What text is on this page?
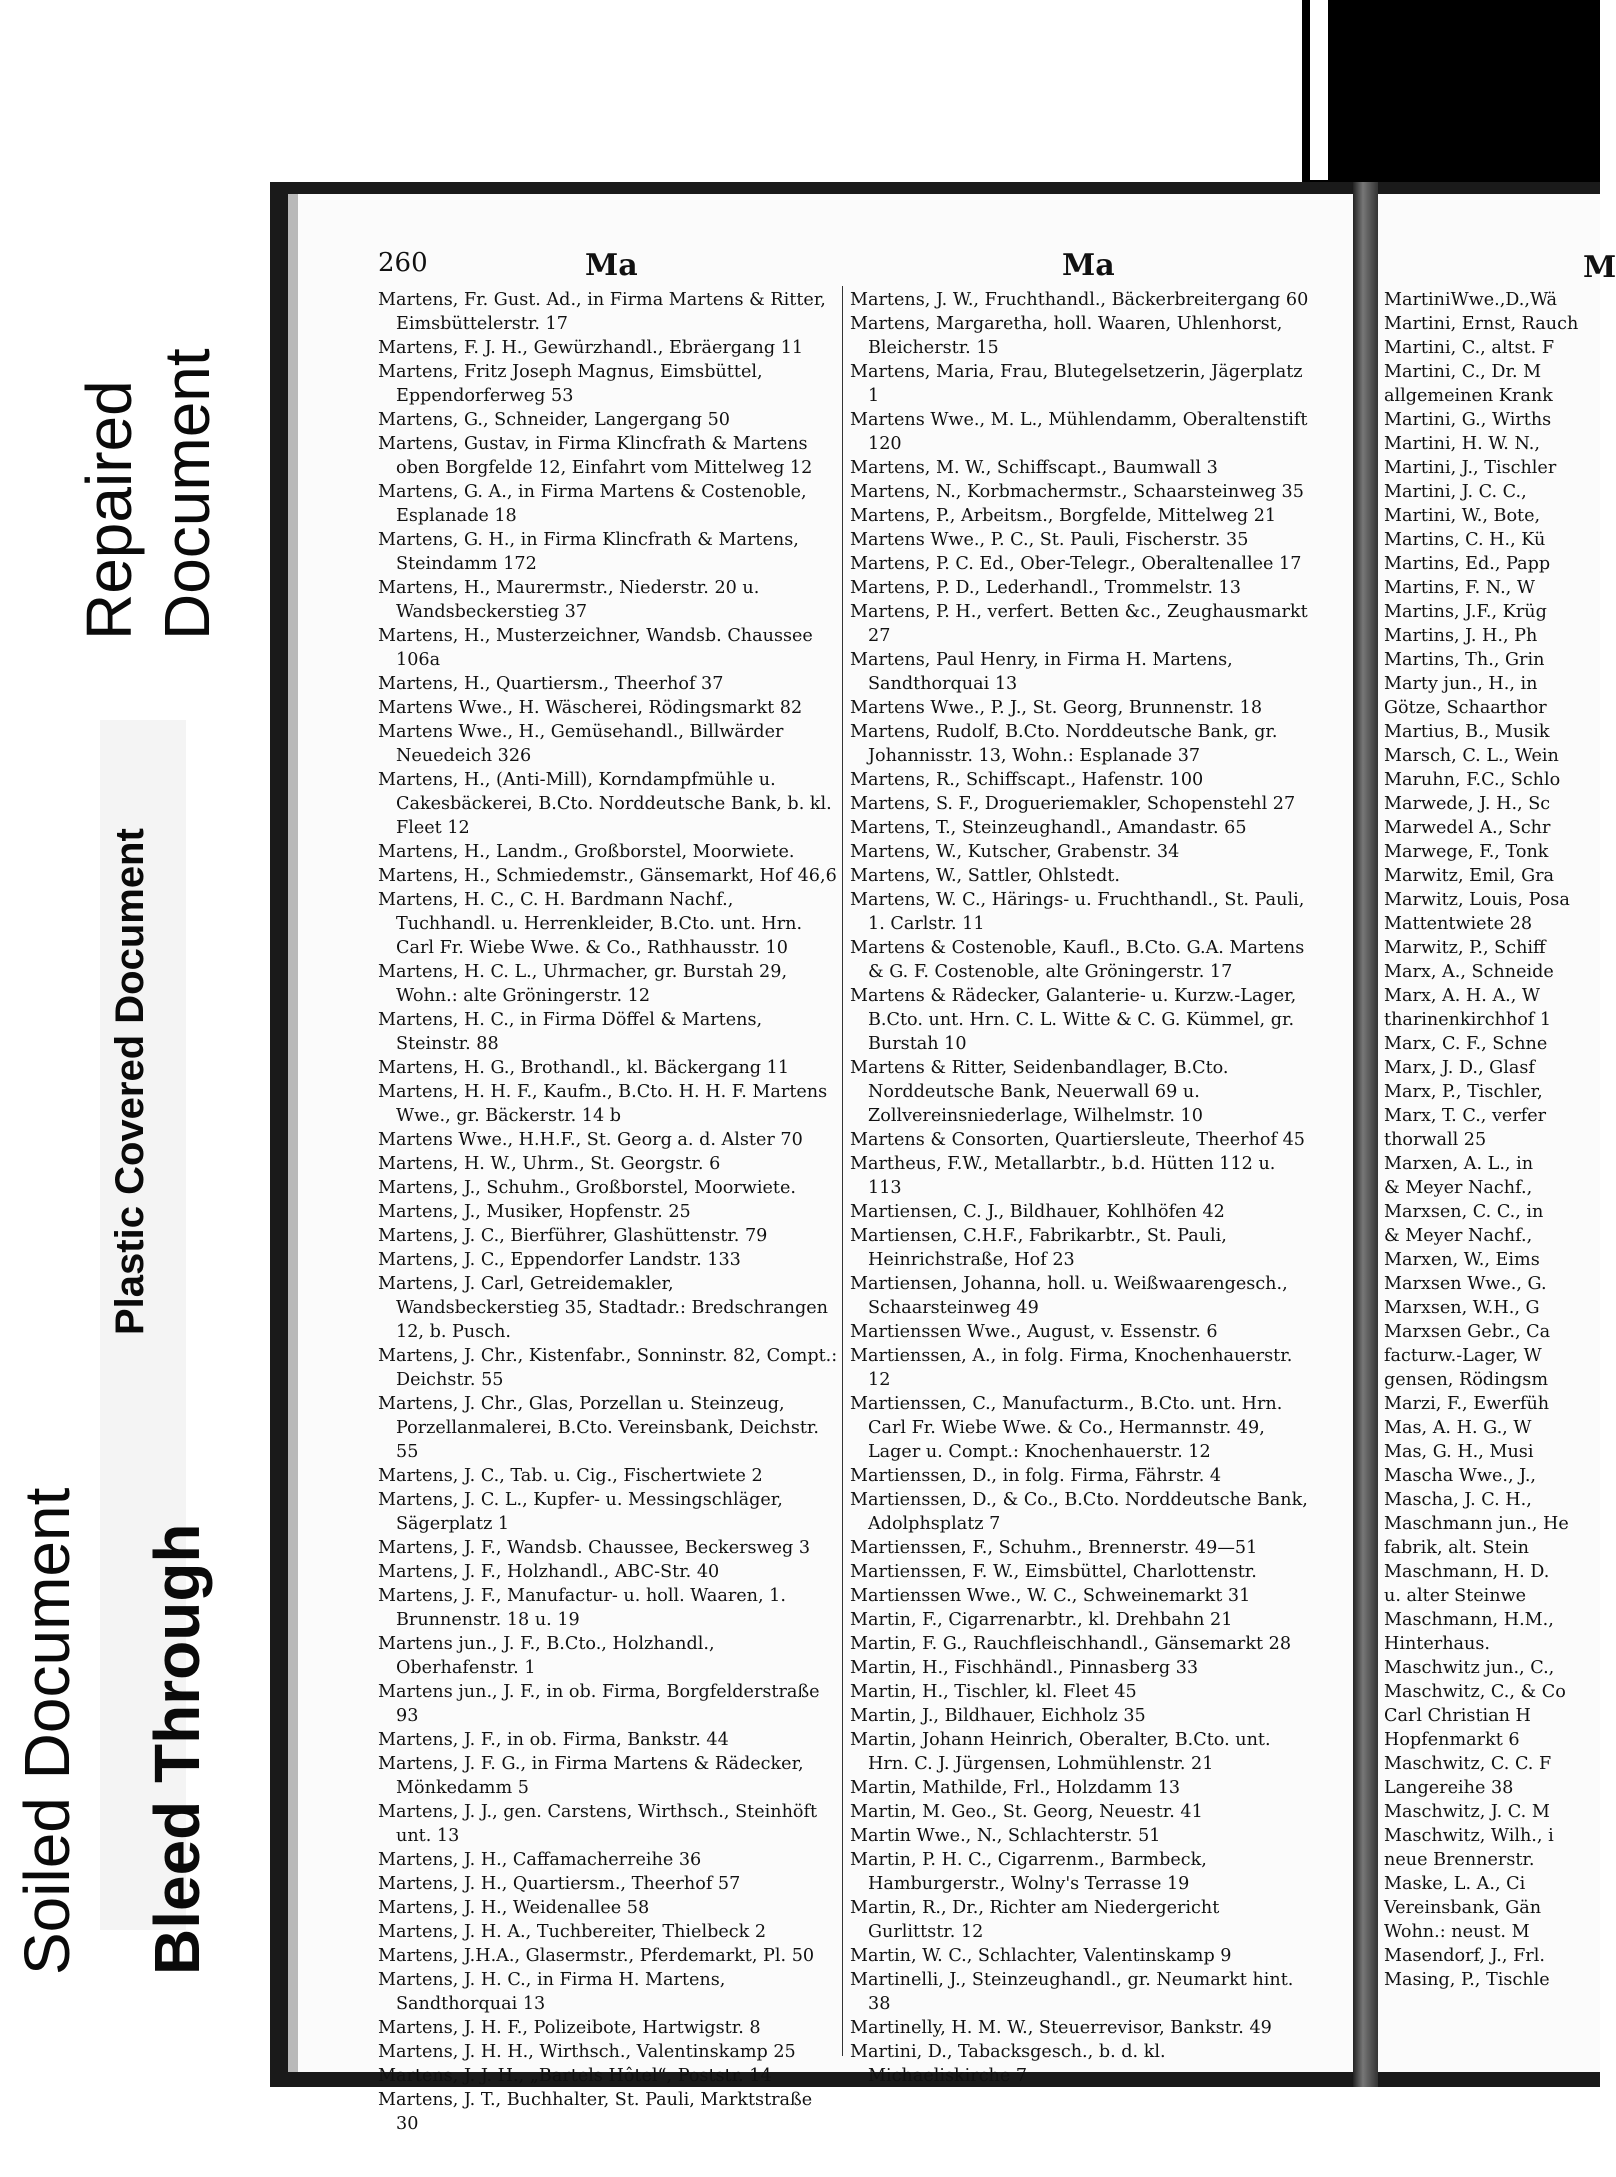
Soiled Document Bleed Through
Plastic Covered Document
Repaired Document
M
MartiniWwe.,D.,Wä
Martini, Ernst, Rauch
Martini, C., altst. F
Martini, C., Dr. M
allgemeinen Krank
Martini, G., Wirths
Martini, H. W. N.,
Martini, J., Tischler
Martini, J. C. C.,
Martini, W., Bote,
Martins, C. H., Kü
Martins, Ed., Papp
Martins, F. N., W
Martins, J.F., Krüg
Martins, J. H., Ph
Martins, Th., Grin
Marty jun., H., in
Götze, Schaarthor
Martius, B., Musik
Marsch, C. L., Wein
Maruhn, F.C., Schlo
Marwede, J. H., Sc
Marwedel A., Schr
Marwege, F., Tonk
Marwitz, Emil, Gra
Marwitz, Louis, Posa
Mattentwiete 28
Marwitz, P., Schiff
Marx, A., Schneide
Marx, A. H. A., W
tharinenkirchhof 1
Marx, C. F., Schne
Marx, J. D., Glasf
Marx, P., Tischler,
Marx, T. C., verfer
thorwall 25
Marxen, A. L., in
& Meyer Nachf.,
Marxsen, C. C., in
& Meyer Nachf.,
Marxen, W., Eims
Marxsen Wwe., G.
Marxsen, W.H., G
Marxsen Gebr., Ca
facturw.-Lager, W
gensen, Rödingsm
Marzi, F., Ewerfüh
Mas, A. H. G., W
Mas, G. H., Musi
Mascha Wwe., J.,
Mascha, J. C. H.,
Maschmann jun., He
fabrik, alt. Stein
Maschmann, H. D.
u. alter Steinwe
Maschmann, H.M.,
Hinterhaus.
Maschwitz jun., C.,
Maschwitz, C., & Co
Carl Christian H
Hopfenmarkt 6
Maschwitz, C. C. F
Langereihe 38
Maschwitz, J. C. M
Maschwitz, Wilh., i
neue Brennerstr.
Maske, L. A., Ci
Vereinsbank, Gän
Wohn.: neust. M
Masendorf, J., Frl.
Masing, P., Tischle
260	Ma	Ma
Martens, Fr. Gust. Ad., in Firma Martens & Ritter, Eimsbüttelerstr. 17
Martens, F. J. H., Gewürzhandl., Ebräergang 11
Martens, Fritz Joseph Magnus, Eimsbüttel, Eppendorferweg 53
Martens, G., Schneider, Langergang 50
Martens, Gustav, in Firma Klincfrath & Martens oben Borgfelde 12, Einfahrt vom Mittelweg 12
Martens, G. A., in Firma Martens & Costenoble, Esplanade 18
Martens, G. H., in Firma Klincfrath & Martens, Steindamm 172
Martens, H., Maurermstr., Niederstr. 20 u. Wandsbeckerstieg 37
Martens, H., Musterzeichner, Wandsb. Chaussee 106a
Martens, H., Quartiersm., Theerhof 37
Martens Wwe., H. Wäscherei, Rödingsmarkt 82
Martens Wwe., H., Gemüsehandl., Billwärder Neuedeich 326
Martens, H., (Anti-Mill), Korndampfmühle u. Cakesbäckerei, B.Cto. Norddeutsche Bank, b. kl. Fleet 12
Martens, H., Landm., Großborstel, Moorwiete.
Martens, H., Schmiedemstr., Gänsemarkt, Hof 46,6
Martens, H. C., C. H. Bardmann Nachf., Tuchhandl. u. Herrenkleider, B.Cto. unt. Hrn. Carl Fr. Wiebe Wwe. & Co., Rathhausstr. 10
Martens, H. C. L., Uhrmacher, gr. Burstah 29, Wohn.: alte Gröningerstr. 12
Martens, H. C., in Firma Döffel & Martens, Steinstr. 88
Martens, H. G., Brothandl., kl. Bäckergang 11
Martens, H. H. F., Kaufm., B.Cto. H. H. F. Martens Wwe., gr. Bäckerstr. 14 b
Martens Wwe., H.H.F., St. Georg a. d. Alster 70
Martens, H. W., Uhrm., St. Georgstr. 6
Martens, J., Schuhm., Großborstel, Moorwiete.
Martens, J., Musiker, Hopfenstr. 25
Martens, J. C., Bierführer, Glashüttenstr. 79
Martens, J. C., Eppendorfer Landstr. 133
Martens, J. Carl, Getreidemakler, Wandsbeckerstieg 35, Stadtadr.: Bredschrangen 12, b. Pusch.
Martens, J. Chr., Kistenfabr., Sonninstr. 82, Compt.: Deichstr. 55
Martens, J. Chr., Glas, Porzellan u. Steinzeug, Porzellanmalerei, B.Cto. Vereinsbank, Deichstr. 55
Martens, J. C., Tab. u. Cig., Fischertwiete 2
Martens, J. C. L., Kupfer- u. Messingschläger, Sägerplatz 1
Martens, J. F., Wandsb. Chaussee, Beckersweg 3
Martens, J. F., Holzhandl., ABC-Str. 40
Martens, J. F., Manufactur- u. holl. Waaren, 1. Brunnenstr. 18 u. 19
Martens jun., J. F., B.Cto., Holzhandl., Oberhafenstr. 1
Martens jun., J. F., in ob. Firma, Borgfelderstraße 93
Martens, J. F., in ob. Firma, Bankstr. 44
Martens, J. F. G., in Firma Martens & Rädecker, Mönkedamm 5
Martens, J. J., gen. Carstens, Wirthsch., Steinhöft unt. 13
Martens, J. H., Caffamacherreihe 36
Martens, J. H., Quartiersm., Theerhof 57
Martens, J. H., Weidenallee 58
Martens, J. H. A., Tuchbereiter, Thielbeck 2
Martens, J.H.A., Glasermstr., Pferdemarkt, Pl. 50
Martens, J. H. C., in Firma H. Martens, Sandthorquai 13
Martens, J. H. F., Polizeibote, Hartwigstr. 8
Martens, J. H. H., Wirthsch., Valentinskamp 25
Martens, J. J. H., „Bartels Hôtel“, Poststr. 14
Martens, J. T., Buchhalter, St. Pauli, Marktstraße 30
Martens, J. W., Fruchthandl., Bäckerbreitergang 60
Martens, Margaretha, holl. Waaren, Uhlenhorst, Bleicherstr. 15
Martens, Maria, Frau, Blutegelsetzerin, Jägerplatz 1
Martens Wwe., M. L., Mühlendamm, Oberaltenstift 120
Martens, M. W., Schiffscapt., Baumwall 3
Martens, N., Korbmachermstr., Schaarsteinweg 35
Martens, P., Arbeitsm., Borgfelde, Mittelweg 21
Martens Wwe., P. C., St. Pauli, Fischerstr. 35
Martens, P. C. Ed., Ober-Telegr., Oberaltenallee 17
Martens, P. D., Lederhandl., Trommelstr. 13
Martens, P. H., verfert. Betten &c., Zeughausmarkt 27
Martens, Paul Henry, in Firma H. Martens, Sandthorquai 13
Martens Wwe., P. J., St. Georg, Brunnenstr. 18
Martens, Rudolf, B.Cto. Norddeutsche Bank, gr. Johannisstr. 13, Wohn.: Esplanade 37
Martens, R., Schiffscapt., Hafenstr. 100
Martens, S. F., Drogueriemakler, Schopenstehl 27
Martens, T., Steinzeughandl., Amandastr. 65
Martens, W., Kutscher, Grabenstr. 34
Martens, W., Sattler, Ohlstedt.
Martens, W. C., Härings- u. Fruchthandl., St. Pauli, 1. Carlstr. 11
Martens & Costenoble, Kaufl., B.Cto. G.A. Martens & G. F. Costenoble, alte Gröningerstr. 17
Martens & Rädecker, Galanterie- u. Kurzw.-Lager, B.Cto. unt. Hrn. C. L. Witte & C. G. Kümmel, gr. Burstah 10
Martens & Ritter, Seidenbandlager, B.Cto. Norddeutsche Bank, Neuerwall 69 u. Zollvereinsniederlage, Wilhelmstr. 10
Martens & Consorten, Quartiersleute, Theerhof 45
Martheus, F.W., Metallarbtr., b.d. Hütten 112 u. 113
Martiensen, C. J., Bildhauer, Kohlhöfen 42
Martiensen, C.H.F., Fabrikarbtr., St. Pauli, Heinrichstraße, Hof 23
Martiensen, Johanna, holl. u. Weißwaarengesch., Schaarsteinweg 49
Martienssen Wwe., August, v. Essenstr. 6
Martienssen, A., in folg. Firma, Knochenhauerstr. 12
Martienssen, C., Manufacturm., B.Cto. unt. Hrn. Carl Fr. Wiebe Wwe. & Co., Hermannstr. 49, Lager u. Compt.: Knochenhauerstr. 12
Martienssen, D., in folg. Firma, Fährstr. 4
Martienssen, D., & Co., B.Cto. Norddeutsche Bank, Adolphsplatz 7
Martienssen, F., Schuhm., Brennerstr. 49—51
Martienssen, F. W., Eimsbüttel, Charlottenstr.
Martienssen Wwe., W. C., Schweinemarkt 31
Martin, F., Cigarrenarbtr., kl. Drehbahn 21
Martin, F. G., Rauchfleischhandl., Gänsemarkt 28
Martin, H., Fischhändl., Pinnasberg 33
Martin, H., Tischler, kl. Fleet 45
Martin, J., Bildhauer, Eichholz 35
Martin, Johann Heinrich, Oberalter, B.Cto. unt. Hrn. C. J. Jürgensen, Lohmühlenstr. 21
Martin, Mathilde, Frl., Holzdamm 13
Martin, M. Geo., St. Georg, Neuestr. 41
Martin Wwe., N., Schlachterstr. 51
Martin, P. H. C., Cigarrenm., Barmbeck, Hamburgerstr., Wolny's Terrasse 19
Martin, R., Dr., Richter am Niedergericht Gurlittstr. 12
Martin, W. C., Schlachter, Valentinskamp 9
Martinelli, J., Steinzeughandl., gr. Neumarkt hint. 38
Martinelly, H. M. W., Steuerrevisor, Bankstr. 49
Martini, D., Tabacksgesch., b. d. kl. Michaeliskirche 7
